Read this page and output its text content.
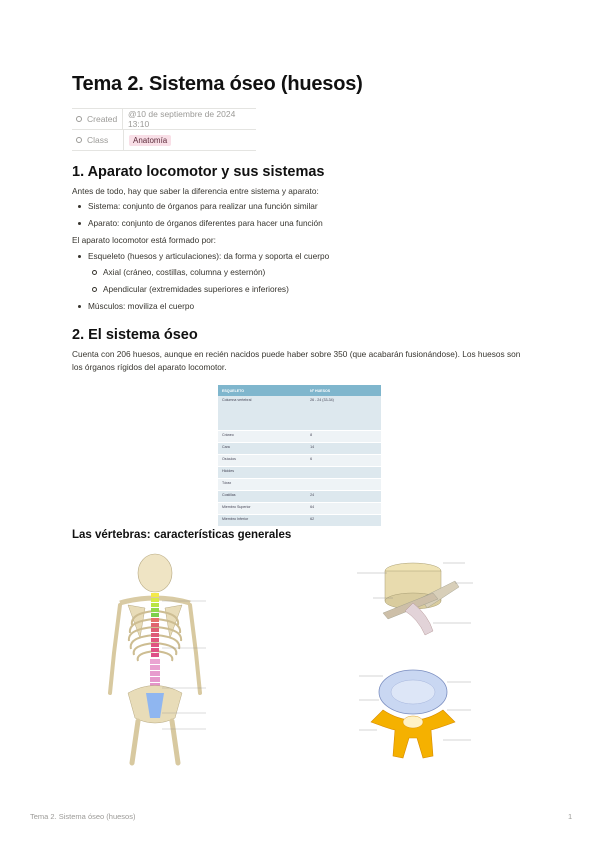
Tema 2. Sistema óseo (huesos)
Created	@10 de septiembre de 2024 13:10
Class	Anatomía
1. Aparato locomotor y sus sistemas

Antes de todo, hay que saber la diferencia entre sistema y aparato:

Sistema: conjunto de órganos para realizar una función similar
Aparato: conjunto de órganos diferentes para hacer una función

El aparato locomotor está formado por:

Esqueleto (huesos y articulaciones): da forma y soporta el cuerpo
Axial (cráneo, costillas, columna y esternón)
Apendicular (extremidades superiores e inferiores)
Músculos: moviliza el cuerpo
2. El sistema óseo

Cuenta con 206 huesos, aunque en recién nacidos puede haber sobre 350 (que acabarán fusionándose). Los huesos son

los órganos rígidos del aparato locomotor.

ESQUELETO	Nº HUESOS
Columna vertebral	26 - 24 (33-34)
Cráneo	8
Cara	14
Osículos	6
Hioides	
Tórax	
Costillas	24
Miembro Superior	64
Miembro Inferior	62
Las vértebras: características generales
Tema 2. Sistema óseo (huesos)	1
